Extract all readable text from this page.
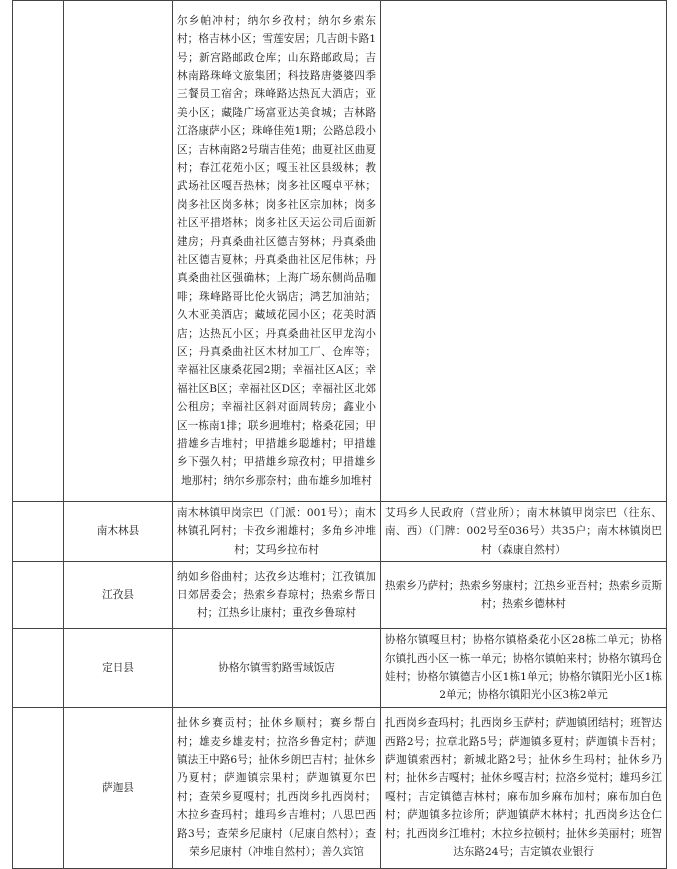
		尔乡帕冲村；纳尔乡孜村；纳尔乡索东村；格吉林小区；雪莲安居；几吉朗卡路1号；新宫路邮政仓库；山东路邮政局；吉林南路珠峰文旅集团；科技路唐婆婆四季三餐员工宿舍；珠峰路达热瓦大酒店；亚美小区；藏隆广场富亚达美食城；吉林路江洛康萨小区；珠峰佳苑1期；公路总段小区；吉林南路2号瑞吉佳苑；曲夏社区曲夏村；春江花苑小区；嘎玉社区县级林；教武场社区嘎吾热林；岗多社区嘎卓平林；岗多社区岗多林；岗多社区宗加林；岗多社区平措塔林；岗多社区天运公司后面新建房；丹真桑曲社区德吉努林；丹真桑曲社区德吉夏林；丹真桑曲社区尼伟林；丹真桑曲社区强确林；上海广场东侧尚品咖啡；珠峰路哥比伦火锅店；鸿艺加油站；久木亚美酒店；藏域花园小区；花美时酒店；达热瓦小区；丹真桑曲社区甲龙沟小区；丹真桑曲社区木材加工厂、仓库等；幸福社区康桑花园2期；幸福社区A区；幸福社区B区；幸福社区D区；幸福社区北郊公租房；幸福社区斜对面周转房；鑫业小区一栋南1排；联乡迥堆村；格桑花园；甲措雄乡吉堆村；甲措雄乡聪雄村；甲措雄乡下强久村；甲措雄乡琼孜村；甲措雄乡地那村；纳尔乡那奈村；曲布雄乡加堆村	
	南木林县	南木林镇甲岗宗巴（门派：001号）；南木林镇孔阿村；卡孜乡湘雄村；多角乡冲堆村；艾玛乡拉布村	艾玛乡人民政府（营业所）；南木林镇甲岗宗巴（往东、南、西）（门牌：002号至036号）共35户；南木林镇岗巴村（森康自然村）
	江孜县	纳如乡俗曲村；达孜乡达堆村；江孜镇加日郊居委会；热索乡春琼村；热索乡帮日村；江热乡让康村；重孜乡鲁琼村	热索乡乃萨村；热索乡努康村；江热乡亚吾村；热索乡贡斯村；热索乡德林村
	定日县	协格尔镇雪豹路雪域饭店	协格尔镇嘎旦村；协格尔镇格桑花小区28栋二单元；协格尔镇扎西小区一栋一单元；协格尔镇帕来村；协格尔镇玛仓娃村；协格尔镇德吉小区1栋1单元；协格尔镇阳光小区1栋2单元；协格尔镇阳光小区3栋2单元
	萨迦县	扯休乡赛贡村；扯休乡顺村；赛乡帮白村；雄麦乡雄麦村；拉洛乡鲁定村；萨迦镇法王中路6号；扯休乡朗巴吉村；扯休乡乃夏村；萨迦镇宗果村；萨迦镇夏尔巴村；查荣乡夏嘎村；扎西岗乡扎西岗村；木拉乡查玛村；雄玛乡吉堆村；八思巴西路3号；查荣乡尼康村（尼康自然村）；查荣乡尼康村（冲堆自然村）；善久宾馆	扎西岗乡查玛村；扎西岗乡玉萨村；萨迦镇团结村；班智达西路2号；拉章北路5号；萨迦镇多夏村；萨迦镇卡吾村；萨迦镇索西村；新城北路2号；扯休乡生玛村；扯休乡乃村；扯休乡吉嘎村；扯休乡嘎吉村；拉洛乡觉村；雄玛乡江嘎村；吉定镇德吉林村；麻布加乡麻布加村；麻布加白色村；萨迦镇多拉诊所；萨迦镇萨木林村；扎西岗乡达仓仁村；扎西岗乡江堆村；木拉乡拉顿村；扯休乡美丽村；班智达东路24号；吉定镇农业银行
